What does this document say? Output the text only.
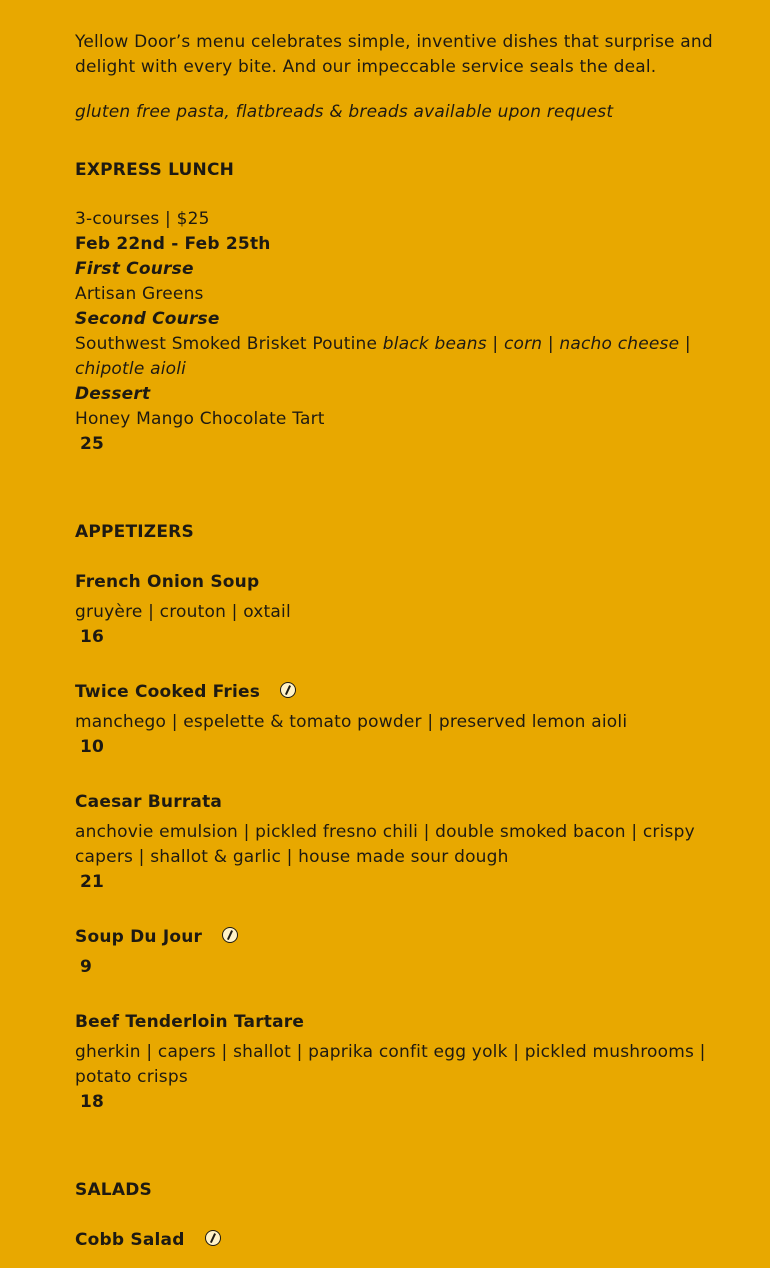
Yellow Door’s menu celebrates simple, inventive dishes that surprise and delight with every bite. And our impeccable service seals the deal.

gluten free pasta, flatbreads & breads available upon request

EXPRESS LUNCH
3-courses | $25
Feb 22nd - Feb 25th
First Course
Artisan Greens
Second Course
Southwest Smoked Brisket Poutine black beans | corn | nacho cheese | chipotle aioli
Dessert
Honey Mango Chocolate Tart
25
APPETIZERS
French Onion Soup
gruyère | crouton | oxtail
16
Twice Cooked Fries
manchego | espelette & tomato powder | preserved lemon aioli
10
Caesar Burrata
anchovie emulsion | pickled fresno chili | double smoked bacon | crispy capers | shallot & garlic | house made sour dough
21
Soup Du Jour
9
Beef Tenderloin Tartare
gherkin | capers | shallot | paprika confit egg yolk | pickled mushrooms | potato crisps
18
SALADS
Cobb Salad
